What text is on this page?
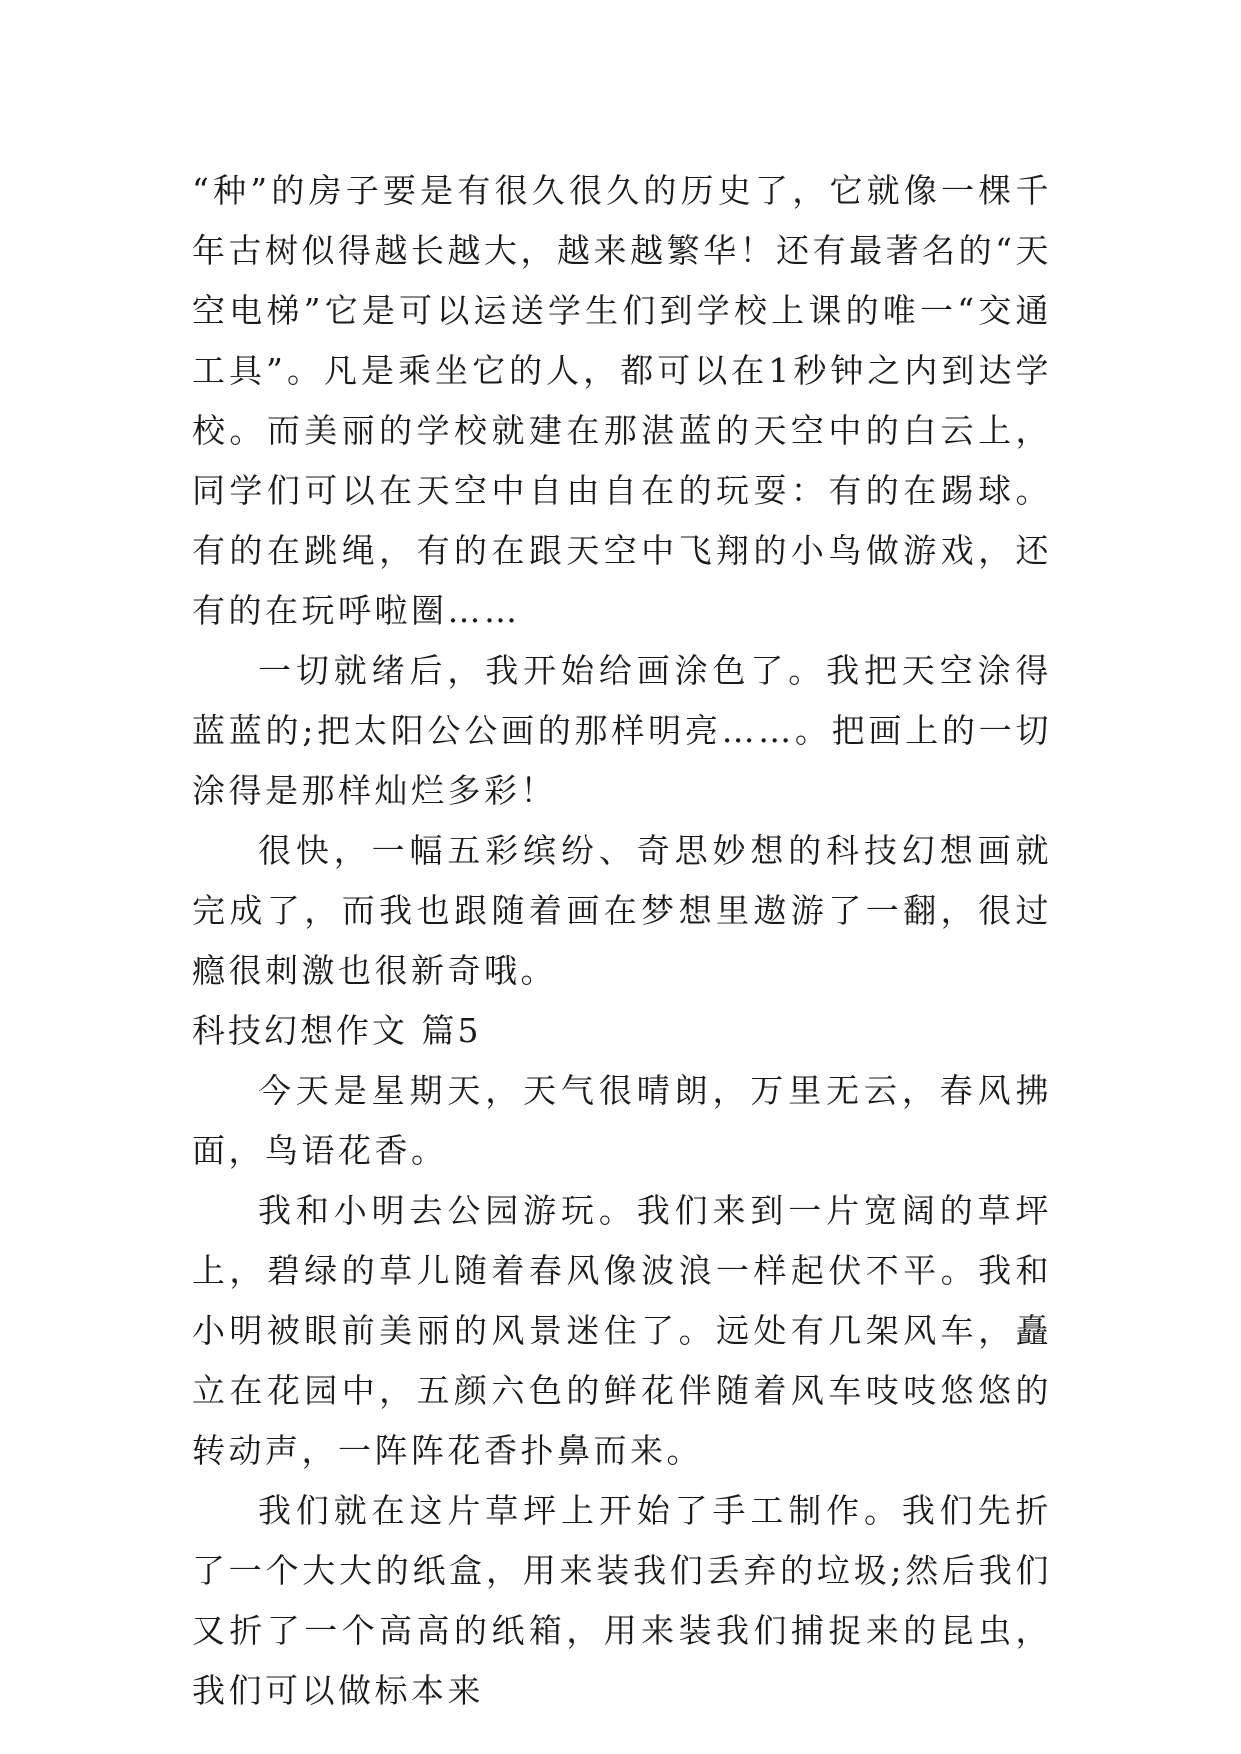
“种”的房子要是有很久很久的历史了，它就像一棵千年古树似得越长越大，越来越繁华！还有最著名的“天空电梯”它是可以运送学生们到学校上课的唯一“交通工具”。凡是乘坐它的人，都可以在1秒钟之内到达学校。而美丽的学校就建在那湛蓝的天空中的白云上，同学们可以在天空中自由自在的玩耍：有的在踢球。有的在跳绳，有的在跟天空中飞翔的小鸟做游戏，还有的在玩呼啦圈……

一切就绪后，我开始给画涂色了。我把天空涂得蓝蓝的;把太阳公公画的那样明亮……。把画上的一切涂得是那样灿烂多彩！

很快，一幅五彩缤纷、奇思妙想的科技幻想画就完成了，而我也跟随着画在梦想里遨游了一翻，很过瘾很刺激也很新奇哦。

科技幻想作文 篇5

今天是星期天，天气很晴朗，万里无云，春风拂面，鸟语花香。

我和小明去公园游玩。我们来到一片宽阔的草坪上，碧绿的草儿随着春风像波浪一样起伏不平。我和小明被眼前美丽的风景迷住了。远处有几架风车，矗立在花园中，五颜六色的鲜花伴随着风车吱吱悠悠的转动声，一阵阵花香扑鼻而来。

我们就在这片草坪上开始了手工制作。我们先折了一个大大的纸盒，用来装我们丢弃的垃圾;然后我们又折了一个高高的纸箱，用来装我们捕捉来的昆虫，我们可以做标本来
